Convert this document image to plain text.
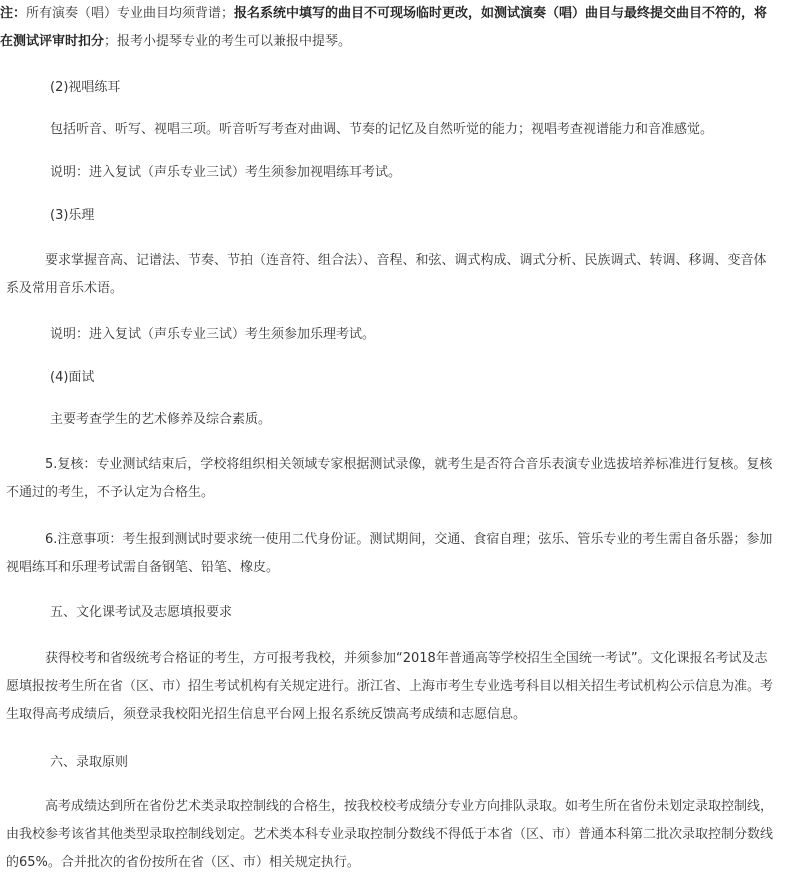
注：所有演奏（唱）专业曲目均须背谱；报名系统中填写的曲目不可现场临时更改，如测试演奏（唱）曲目与最终提交曲目不符的，将在测试评审时扣分；报考小提琴专业的考生可以兼报中提琴。

(2)视唱练耳

包括听音、听写、视唱三项。听音听写考查对曲调、节奏的记忆及自然听觉的能力；视唱考查视谱能力和音准感觉。

说明：进入复试（声乐专业三试）考生须参加视唱练耳考试。

(3)乐理

要求掌握音高、记谱法、节奏、节拍（连音符、组合法）、音程、和弦、调式构成、调式分析、民族调式、转调、移调、变音体系及常用音乐术语。

说明：进入复试（声乐专业三试）考生须参加乐理考试。

(4)面试

主要考查学生的艺术修养及综合素质。

5.复核：专业测试结束后，学校将组织相关领域专家根据测试录像，就考生是否符合音乐表演专业选拔培养标准进行复核。复核不通过的考生，不予认定为合格生。

6.注意事项：考生报到测试时要求统一使用二代身份证。测试期间，交通、食宿自理；弦乐、管乐专业的考生需自备乐器；参加视唱练耳和乐理考试需自备钢笔、铅笔、橡皮。

五、文化课考试及志愿填报要求

获得校考和省级统考合格证的考生，方可报考我校，并须参加“2018年普通高等学校招生全国统一考试”。文化课报名考试及志愿填报按考生所在省（区、市）招生考试机构有关规定进行。浙江省、上海市考生专业选考科目以相关招生考试机构公示信息为准。考生取得高考成绩后，须登录我校阳光招生信息平台网上报名系统反馈高考成绩和志愿信息。

六、录取原则

高考成绩达到所在省份艺术类录取控制线的合格生，按我校校考成绩分专业方向排队录取。如考生所在省份未划定录取控制线，由我校参考该省其他类型录取控制线划定。艺术类本科专业录取控制分数线不得低于本省（区、市）普通本科第二批次录取控制分数线的65%。合并批次的省份按所在省（区、市）相关规定执行。
